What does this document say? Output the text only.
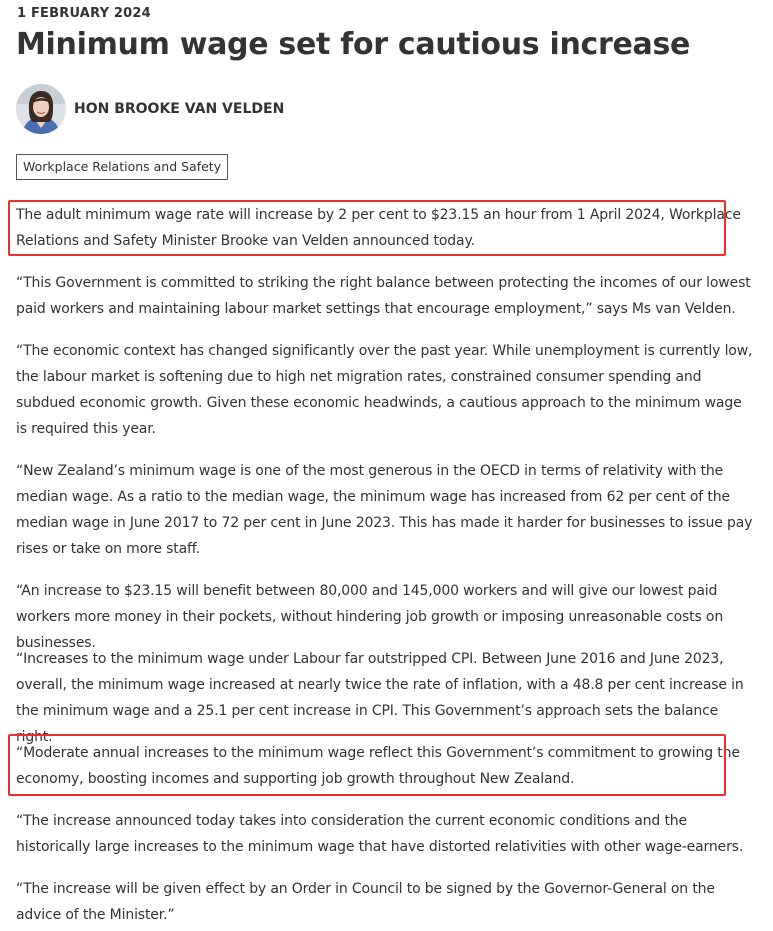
1 FEBRUARY 2024
Minimum wage set for cautious increase
HON BROOKE VAN VELDEN
Workplace Relations and Safety

The adult minimum wage rate will increase by 2 per cent to $23.15 an hour from 1 April 2024, Workplace Relations and Safety Minister Brooke van Velden announced today.

“This Government is committed to striking the right balance between protecting the incomes of our lowest paid workers and maintaining labour market settings that encourage employment,” says Ms van Velden.

“The economic context has changed significantly over the past year. While unemployment is currently low, the labour market is softening due to high net migration rates, constrained consumer spending and subdued economic growth. Given these economic headwinds, a cautious approach to the minimum wage is required this year.

“New Zealand’s minimum wage is one of the most generous in the OECD in terms of relativity with the median wage. As a ratio to the median wage, the minimum wage has increased from 62 per cent of the median wage in June 2017 to 72 per cent in June 2023. This has made it harder for businesses to issue pay rises or take on more staff.

“An increase to $23.15 will benefit between 80,000 and 145,000 workers and will give our lowest paid workers more money in their pockets, without hindering job growth or imposing unreasonable costs on businesses.

“Increases to the minimum wage under Labour far outstripped CPI. Between June 2016 and June 2023, overall, the minimum wage increased at nearly twice the rate of inflation, with a 48.8 per cent increase in the minimum wage and a 25.1 per cent increase in CPI. This Government’s approach sets the balance right.

“Moderate annual increases to the minimum wage reflect this Government’s commitment to growing the economy, boosting incomes and supporting job growth throughout New Zealand.

“The increase announced today takes into consideration the current economic conditions and the historically large increases to the minimum wage that have distorted relativities with other wage-earners.

“The increase will be given effect by an Order in Council to be signed by the Governor-General on the advice of the Minister.”
